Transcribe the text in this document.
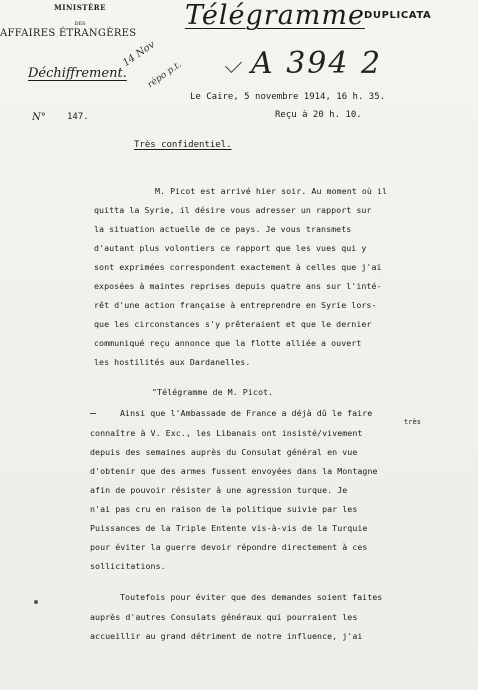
MINISTÈRE
DES
AFFAIRES ÉTRANGÈRES
Déchiffrement.
14 Nov
répo p.t.
Télégramme DUPLICATA
A 394 2
Le Caire, 5 novembre 1914, 16 h. 35.
Reçu à 20 h. 10.
N° 147.
Très confidentiel.
M. Picot est arrivé hier soir. Au moment où il
quitta la Syrie, il désire vous adresser un rapport sur
la situation actuelle de ce pays. Je vous transmets
d'autant plus volontiers ce rapport que les vues qui y
sont exprimées correspondent exactement à celles que j'ai
exposées à maintes reprises depuis quatre ans sur l'inté-
rêt d'une action française à entreprendre en Syrie lors-
que les circonstances s'y prêteraient et que le dernier
communiqué reçu annonce que la flotte alliée a ouvert
les hostilités aux Dardanelles.
"Télégramme de M. Picot.
Ainsi que l'Ambassade de France a déjà dû le faire
très
connaître à V. Exc., les Libanais ont insisté/vivement
depuis des semaines auprès du Consulat général en vue
d'obtenir que des armes fussent envoyées dans la Montagne
afin de pouvoir résister à une agression turque. Je
n'ai pas cru en raison de la politique suivie par les
Puissances de la Triple Entente vis-à-vis de la Turquie
pour éviter la guerre devoir répondre directement à ces
sollicitations.
Toutefois pour éviter que des demandes soient faites
auprès d'autres Consulats généraux qui pourraient les
accueillir au grand détriment de notre influence, j'ai
